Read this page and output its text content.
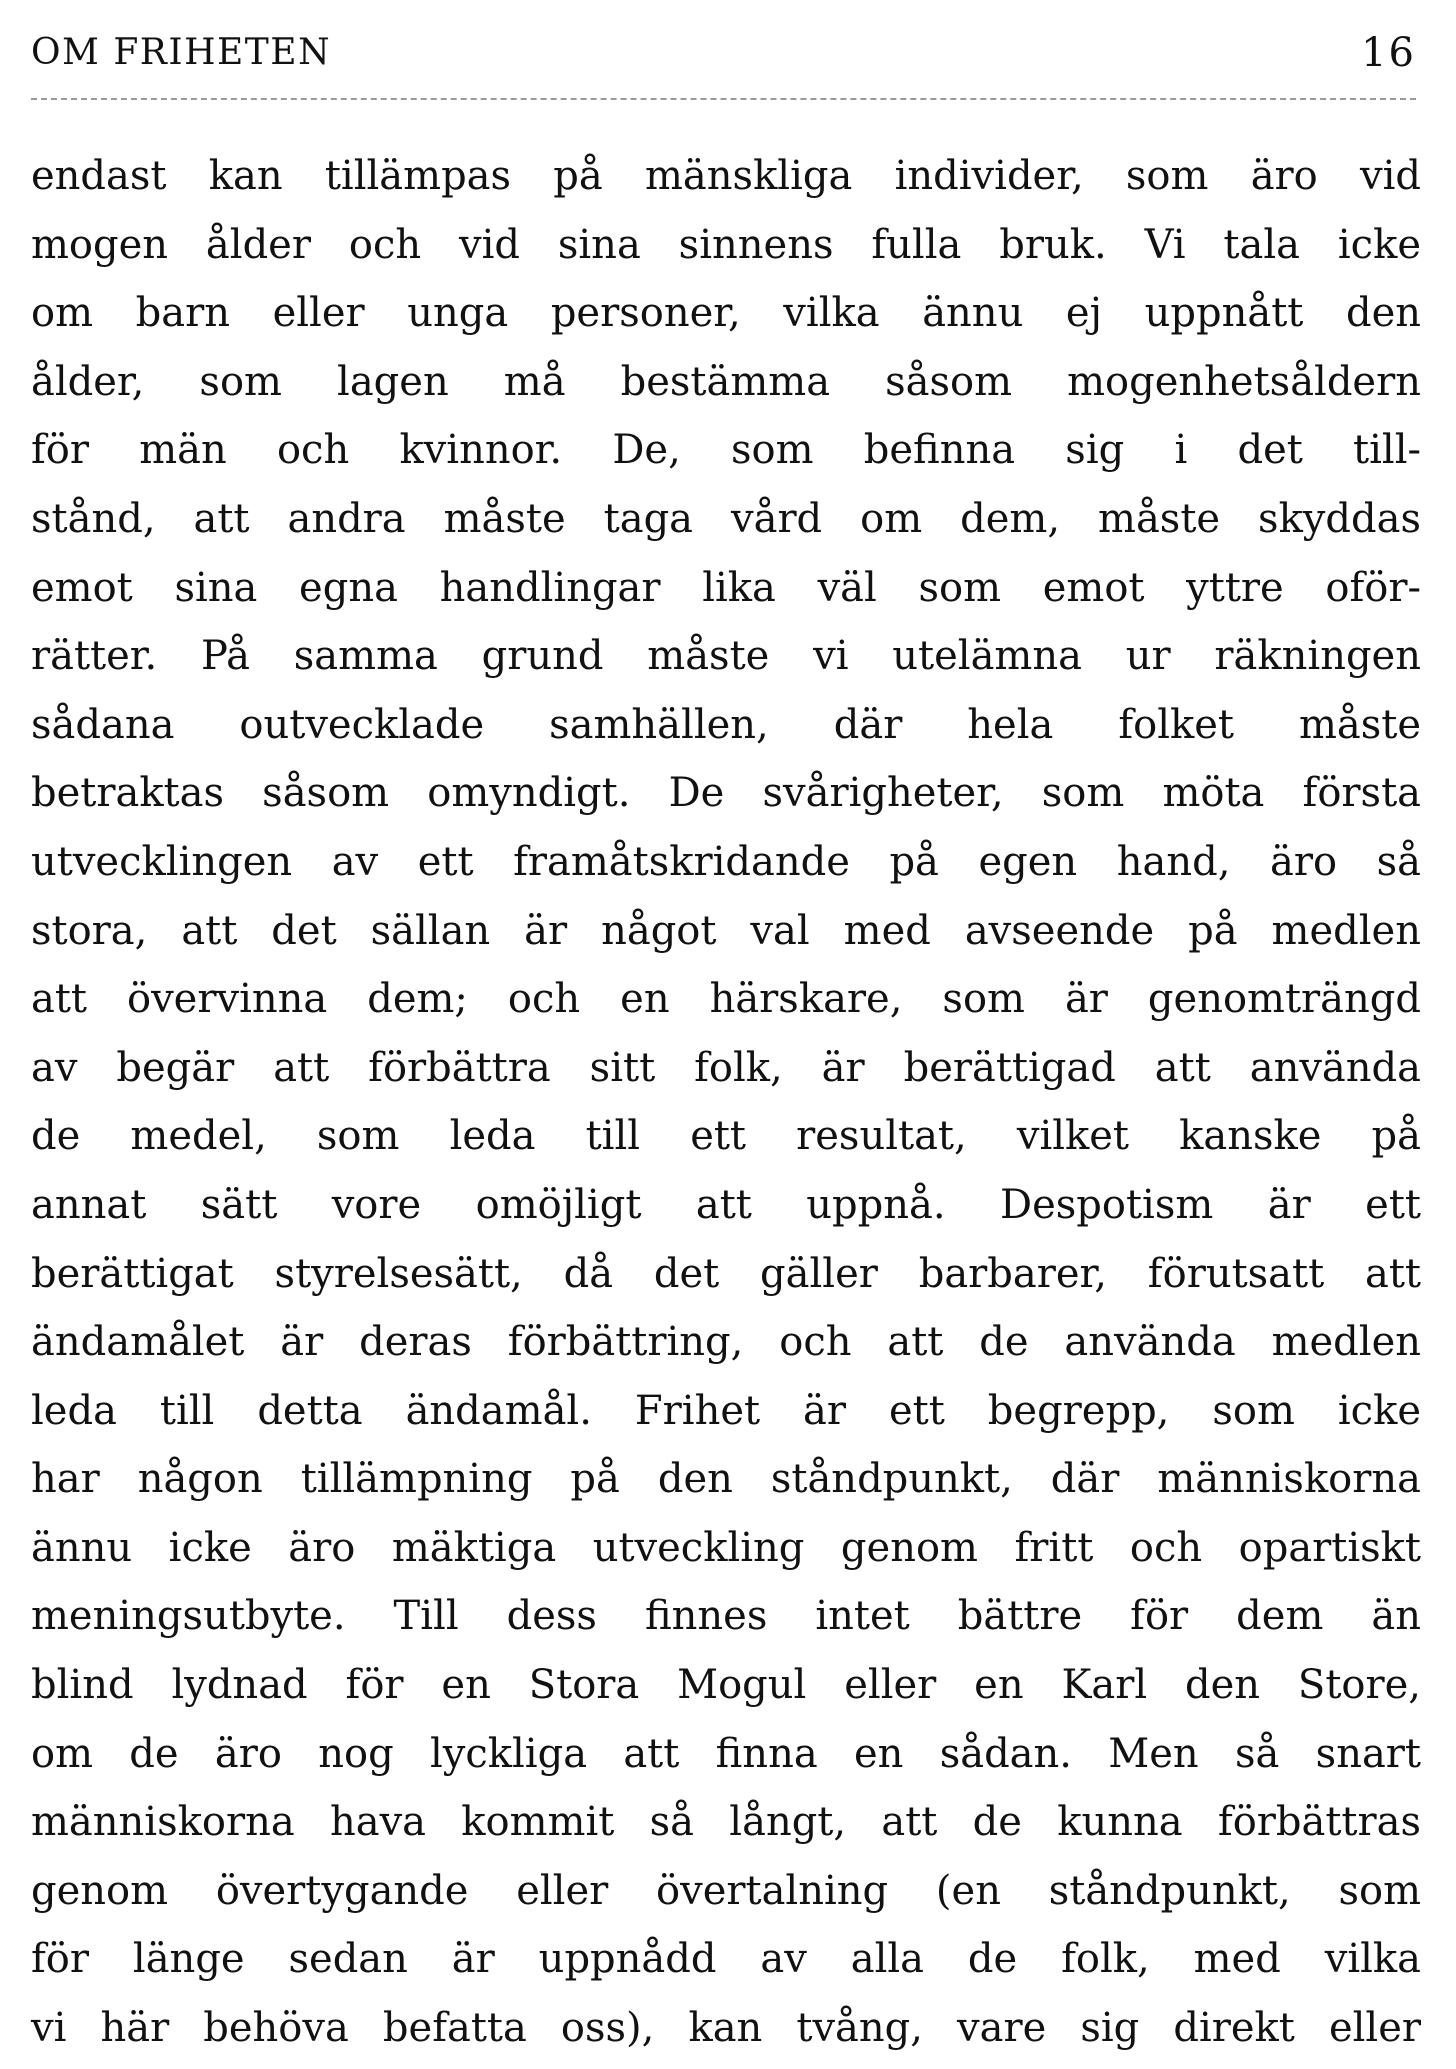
OM FRIHETEN	16
endast kan tillämpas på mänskliga individer, som äro vid
mogen ålder och vid sina sinnens fulla bruk. Vi tala icke
om barn eller unga personer, vilka ännu ej uppnått den
ålder, som lagen må bestämma såsom mogenhetsåldern
för män och kvinnor. De, som befinna sig i det till-
stånd, att andra måste taga vård om dem, måste skyddas
emot sina egna handlingar lika väl som emot yttre oför-
rätter. På samma grund måste vi utelämna ur räkningen
sådana outvecklade samhällen, där hela folket måste
betraktas såsom omyndigt. De svårigheter, som möta första
utvecklingen av ett framåtskridande på egen hand, äro så
stora, att det sällan är något val med avseende på medlen
att övervinna dem; och en härskare, som är genomträngd
av begär att förbättra sitt folk, är berättigad att använda
de medel, som leda till ett resultat, vilket kanske på
annat sätt vore omöjligt att uppnå. Despotism är ett
berättigat styrelsesätt, då det gäller barbarer, förutsatt att
ändamålet är deras förbättring, och att de använda medlen
leda till detta ändamål. Frihet är ett begrepp, som icke
har någon tillämpning på den ståndpunkt, där människorna
ännu icke äro mäktiga utveckling genom fritt och opartiskt
meningsutbyte. Till dess finnes intet bättre för dem än
blind lydnad för en Stora Mogul eller en Karl den Store,
om de äro nog lyckliga att finna en sådan. Men så snart
människorna hava kommit så långt, att de kunna förbättras
genom övertygande eller övertalning (en ståndpunkt, som
för länge sedan är uppnådd av alla de folk, med vilka
vi här behöva befatta oss), kan tvång, vare sig direkt eller
